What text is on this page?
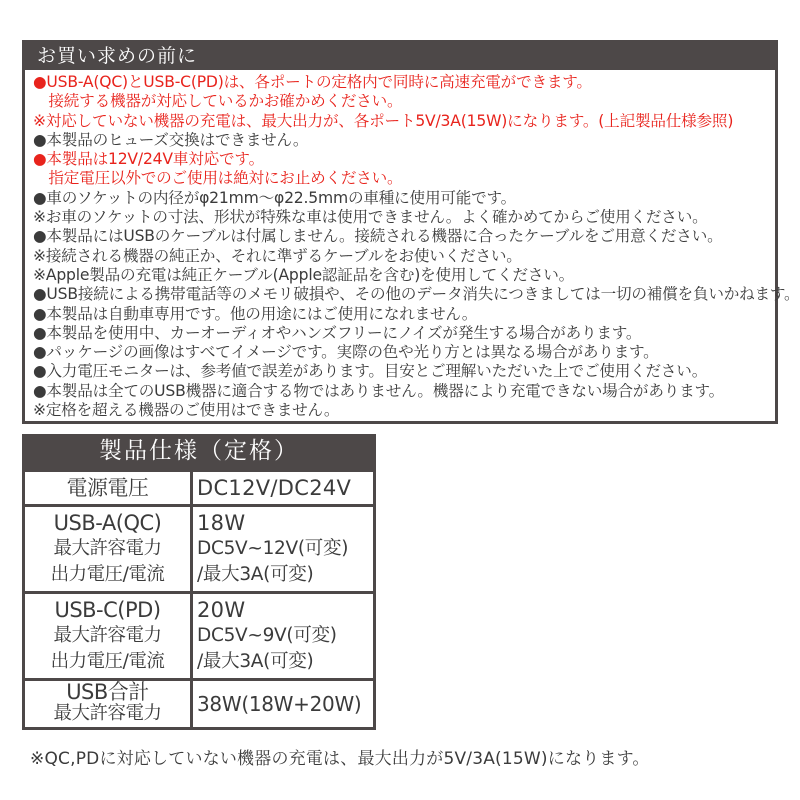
お買い求めの前に
●USB-A(QC)とUSB-C(PD)は、各ポートの定格内で同時に高速充電ができます。
　接続する機器が対応しているかお確かめください。
※対応していない機器の充電は、最大出力が、各ポート5V/3A(15W)になります。(上記製品仕様参照)
●本製品のヒューズ交換はできません。
●本製品は12V/24V車対応です。
　指定電圧以外でのご使用は絶対にお止めください。
●車のソケットの内径がφ21mm～φ22.5mmの車種に使用可能です。
※お車のソケットの寸法、形状が特殊な車は使用できません。よく確かめてからご使用ください。
●本製品にはUSBのケーブルは付属しません。接続される機器に合ったケーブルをご用意ください。
※接続される機器の純正か、それに準ずるケーブルをお使いください。
※Apple製品の充電は純正ケーブル(Apple認証品を含む)を使用してください。
●USB接続による携帯電話等のメモリ破損や、その他のデータ消失につきましては一切の補償を負いかねます。
●本製品は自動車専用です。他の用途にはご使用になれません。
●本製品を使用中、カーオーディオやハンズフリーにノイズが発生する場合があります。
●パッケージの画像はすべてイメージです。実際の色や光り方とは異なる場合があります。
●入力電圧モニターは、参考値で誤差があります。目安とご理解いただいた上でご使用ください。
●本製品は全てのUSB機器に適合する物ではありません。機器により充電できない場合があります。
※定格を超える機器のご使用はできません。
製品仕様（定格）
電源電圧	DC12V/DC24V
USB-A(QC)
最大許容電力
出力電圧/電流
18W
DC5V~12V(可変)
/最大3A(可変)
USB-C(PD)
最大許容電力
出力電圧/電流
20W
DC5V~9V(可変)
/最大3A(可変)
USB合計
最大許容電力	38W(18W+20W)
※QC,PDに対応していない機器の充電は、最大出力が5V/3A(15W)になります。
